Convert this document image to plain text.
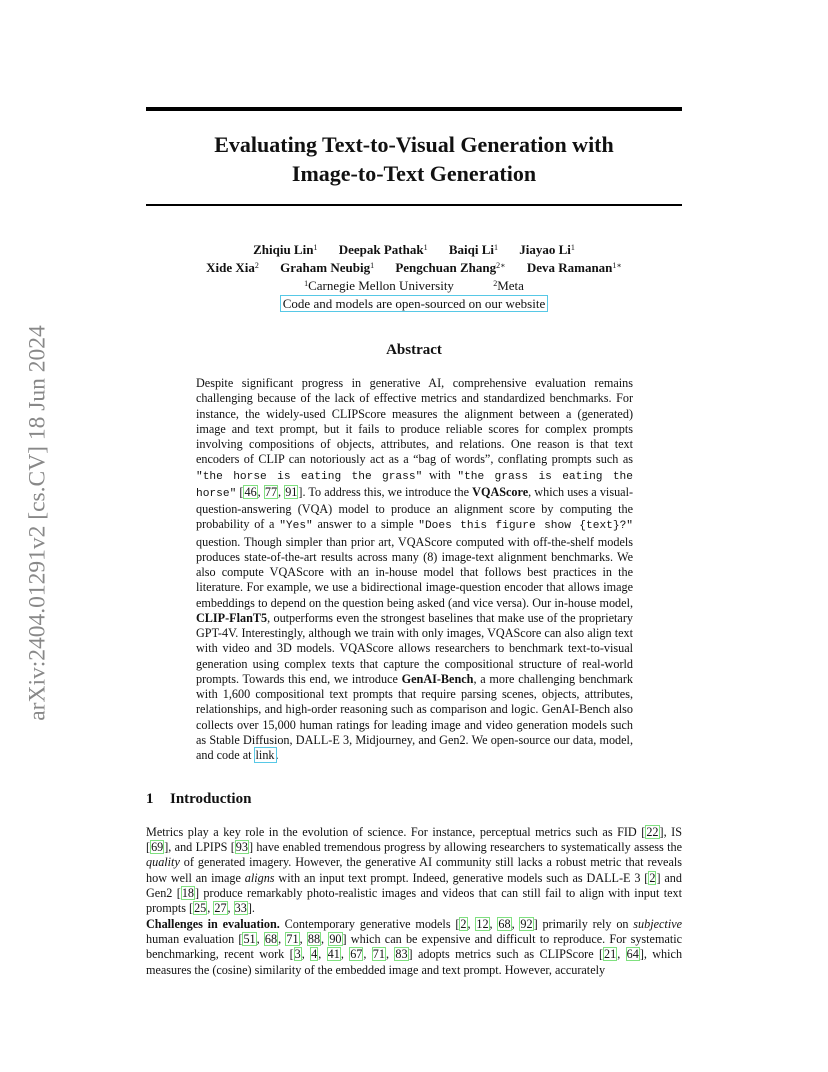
arXiv:2404.01291v2 [cs.CV] 18 Jun 2024
Evaluating Text-to-Visual Generation with
Image-to-Text Generation
Zhiqiu Lin$^1$ Deepak Pathak$^1$ Baiqi Li$^1$ Jiayao Li$^1$
Xide Xia$^2$ Graham Neubig$^1$ Pengchuan Zhang$^{2∗}$ Deva Ramanan$^{1∗}$
$^1$Carnegie Mellon University	$^2$Meta
Code and models are open-sourced on our website
Abstract

Despite significant progress in generative AI, comprehensive evaluation remains challenging because of the lack of effective metrics and standardized benchmarks. For instance, the widely-used CLIPScore measures the alignment between a (generated) image and text prompt, but it fails to produce reliable scores for complex prompts involving compositions of objects, attributes, and relations. One reason is that text encoders of CLIP can notoriously act as a “bag of words”, conflating prompts such as "the horse is eating the grass" with "the grass is eating the horse" [46, 77, 91]. To address this, we introduce the VQAScore, which uses a visual-question-answering (VQA) model to produce an alignment score by computing the probability of a "Yes" answer to a simple "Does this figure show {text}?" question. Though simpler than prior art, VQAScore computed with off-the-shelf models produces state-of-the-art results across many (8) image-text alignment benchmarks. We also compute VQAScore with an in-house model that follows best practices in the literature. For example, we use a bidirectional image-question encoder that allows image embeddings to depend on the question being asked (and vice versa). Our in-house model, CLIP-FlanT5, outperforms even the strongest baselines that make use of the proprietary GPT-4V. Interestingly, although we train with only images, VQAScore can also align text with video and 3D models. VQAScore allows researchers to benchmark text-to-visual generation using complex texts that capture the compositional structure of real-world prompts. Towards this end, we introduce GenAI-Bench, a more challenging benchmark with 1,600 compositional text prompts that require parsing scenes, objects, attributes, relationships, and high-order reasoning such as comparison and logic. GenAI-Bench also collects over 15,000 human ratings for leading image and video generation models such as Stable Diffusion, DALL-E 3, Midjourney, and Gen2. We open-source our data, model, and code at link.

1 Introduction

Metrics play a key role in the evolution of science. For instance, perceptual metrics such as FID [22], IS [69], and LPIPS [93] have enabled tremendous progress by allowing researchers to systematically assess the quality of generated imagery. However, the generative AI community still lacks a robust metric that reveals how well an image aligns with an input text prompt. Indeed, generative models such as DALL-E 3 [2] and Gen2 [18] produce remarkably photo-realistic images and videos that can still fail to align with input text prompts [25, 27, 33].

Challenges in evaluation. Contemporary generative models [2, 12, 68, 92] primarily rely on subjective human evaluation [51, 68, 71, 88, 90] which can be expensive and difficult to reproduce. For systematic benchmarking, recent work [3, 4, 41, 67, 71, 83] adopts metrics such as CLIPScore [21, 64], which measures the (cosine) similarity of the embedded image and text prompt. However, accurately
